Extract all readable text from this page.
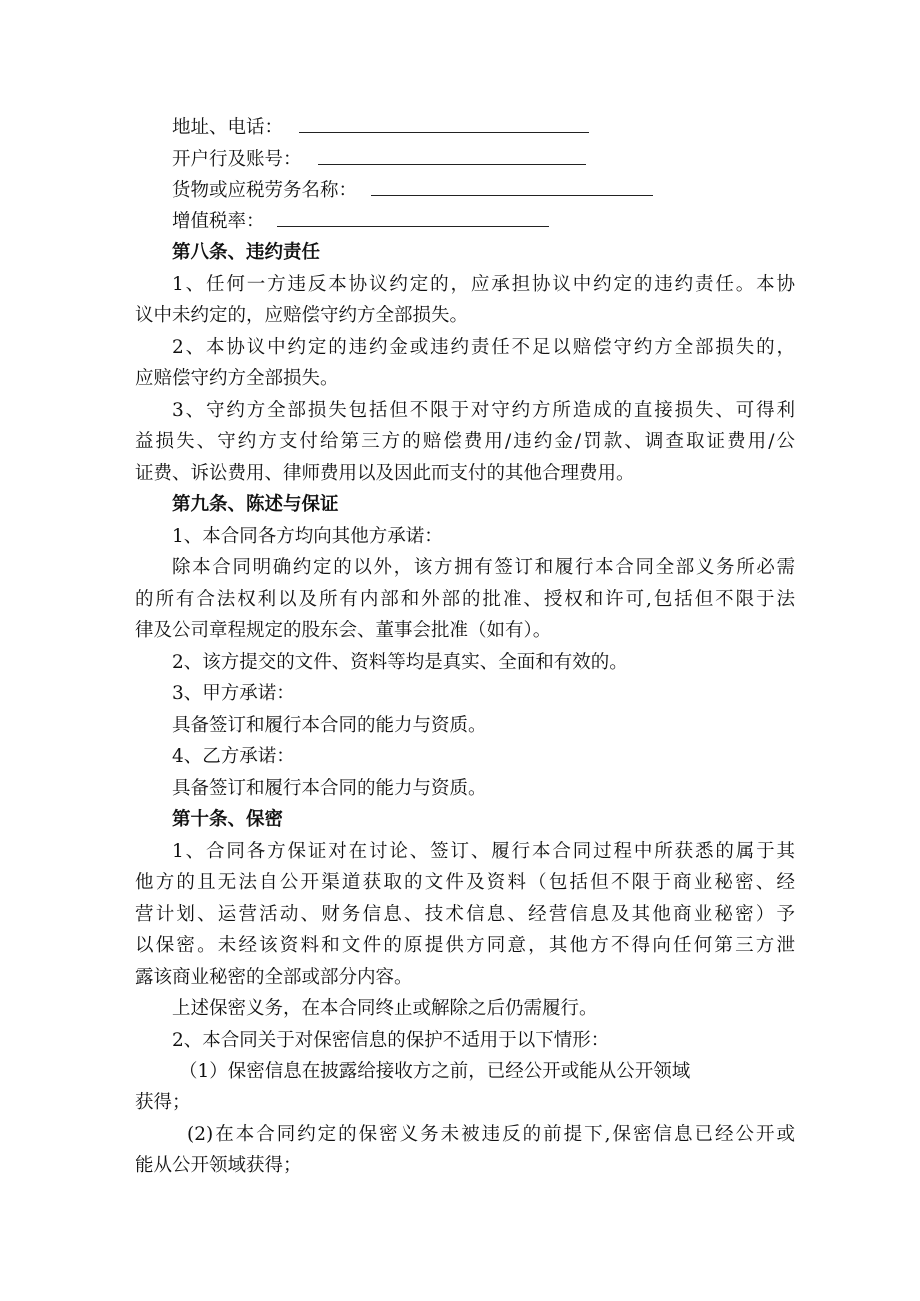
地址、电话：
开户行及账号：
货物或应税劳务名称：
增值税率：
第八条、违约责任
1、任何一方违反本协议约定的，应承担协议中约定的违约责任。本协
议中未约定的，应赔偿守约方全部损失。
2、本协议中约定的违约金或违约责任不足以赔偿守约方全部损失的，
应赔偿守约方全部损失。
3、守约方全部损失包括但不限于对守约方所造成的直接损失、可得利
益损失、守约方支付给第三方的赔偿费用/违约金/罚款、调查取证费用/公
证费、诉讼费用、律师费用以及因此而支付的其他合理费用。
第九条、陈述与保证
1、本合同各方均向其他方承诺：
除本合同明确约定的以外，该方拥有签订和履行本合同全部义务所必需
的所有合法权利以及所有内部和外部的批准、授权和许可,包括但不限于法
律及公司章程规定的股东会、董事会批准（如有）。
2、该方提交的文件、资料等均是真实、全面和有效的。
3、甲方承诺：
具备签订和履行本合同的能力与资质。
4、乙方承诺：
具备签订和履行本合同的能力与资质。
第十条、保密
1、合同各方保证对在讨论、签订、履行本合同过程中所获悉的属于其
他方的且无法自公开渠道获取的文件及资料（包括但不限于商业秘密、经
营计划、运营活动、财务信息、技术信息、经营信息及其他商业秘密）予
以保密。未经该资料和文件的原提供方同意，其他方不得向任何第三方泄
露该商业秘密的全部或部分内容。
上述保密义务，在本合同终止或解除之后仍需履行。
2、本合同关于对保密信息的保护不适用于以下情形：
（1）保密信息在披露给接收方之前，已经公开或能从公开领域
获得；
(2)在本合同约定的保密义务未被违反的前提下,保密信息已经公开或
能从公开领域获得；
